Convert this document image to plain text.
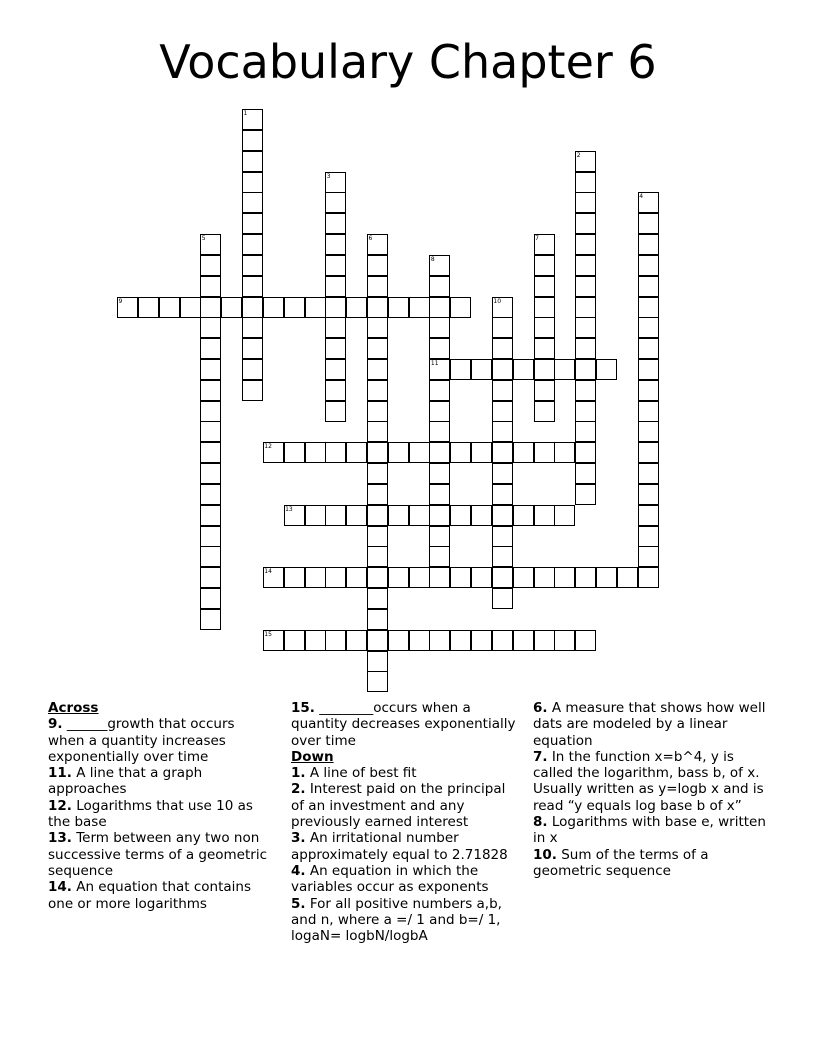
Vocabulary Chapter 6
1
2
3
4
5	6	7
8
9	10
11
12
13
14
15
Across
9. ______growth that occurs when a quantity increases exponentially over time
11. A line that a graph approaches
12. Logarithms that use 10 as the base
13. Term between any two non successive terms of a geometric sequence
14. An equation that contains one or more logarithms
15. ________occurs when a quantity decreases exponentially over time
Down
1. A line of best fit
2. Interest paid on the principal of an investment and any previously earned interest
3. An irritational number approximately equal to 2.71828
4. An equation in which the variables occur as exponents
5. For all positive numbers a,b, and n, where a =/ 1 and b=/ 1, logaN= logbN/logbA
6. A measure that shows how well dats are modeled by a linear equation
7. In the function x=b^4, y is called the logarithm, bass b, of x. Usually written as y=logb x and is read “y equals log base b of x”
8. Logarithms with base e, written in x
10. Sum of the terms of a geometric sequence
